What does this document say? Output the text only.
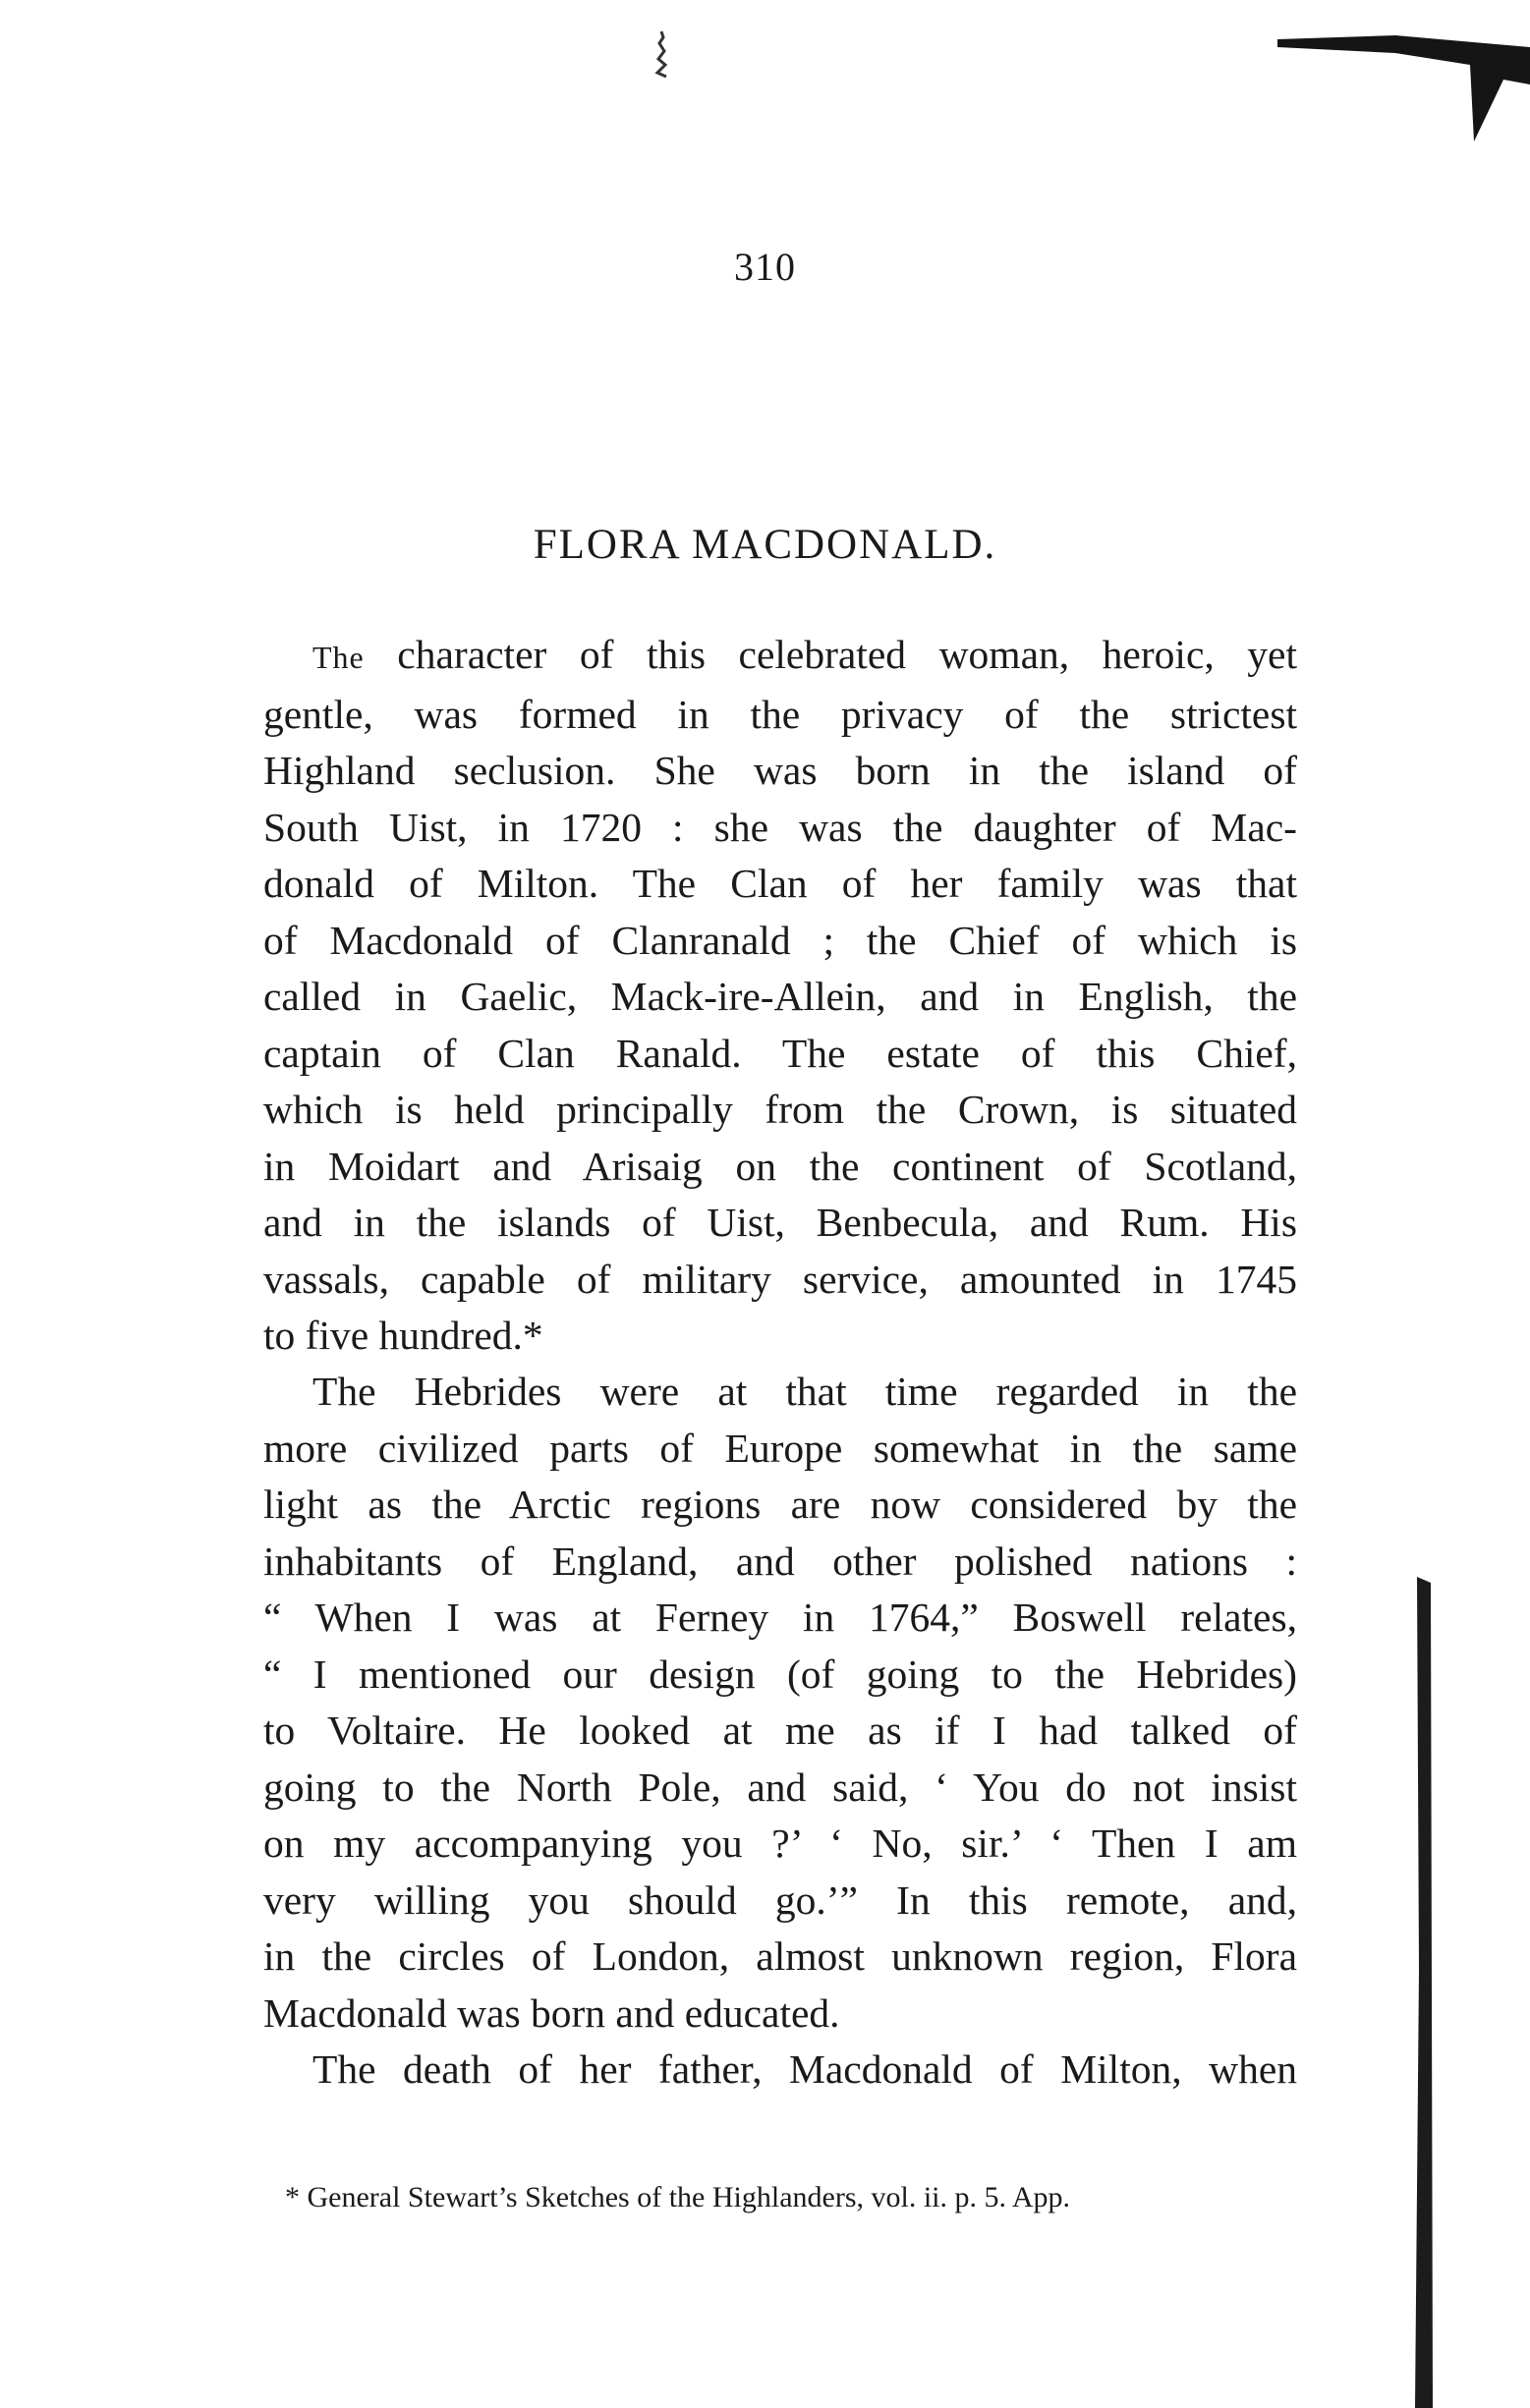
310
FLORA MACDONALD.
The character of this celebrated woman, heroic, yet
gentle, was formed in the privacy of the strictest
Highland seclusion. She was born in the island of
South Uist, in 1720 : she was the daughter of Mac-
donald of Milton. The Clan of her family was that
of Macdonald of Clanranald ; the Chief of which is
called in Gaelic, Mack-ire-Allein, and in English, the
captain of Clan Ranald. The estate of this Chief,
which is held principally from the Crown, is situated
in Moidart and Arisaig on the continent of Scotland,
and in the islands of Uist, Benbecula, and Rum. His
vassals, capable of military service, amounted in 1745
to five hundred.*
The Hebrides were at that time regarded in the
more civilized parts of Europe somewhat in the same
light as the Arctic regions are now considered by the
inhabitants of England, and other polished nations :
“ When I was at Ferney in 1764,” Boswell relates,
“ I mentioned our design (of going to the Hebrides)
to Voltaire. He looked at me as if I had talked of
going to the North Pole, and said, ‘ You do not insist
on my accompanying you ?’ ‘ No, sir.’ ‘ Then I am
very willing you should go.’” In this remote, and,
in the circles of London, almost unknown region, Flora
Macdonald was born and educated.
The death of her father, Macdonald of Milton, when
* General Stewart’s Sketches of the Highlanders, vol. ii. p. 5. App.
